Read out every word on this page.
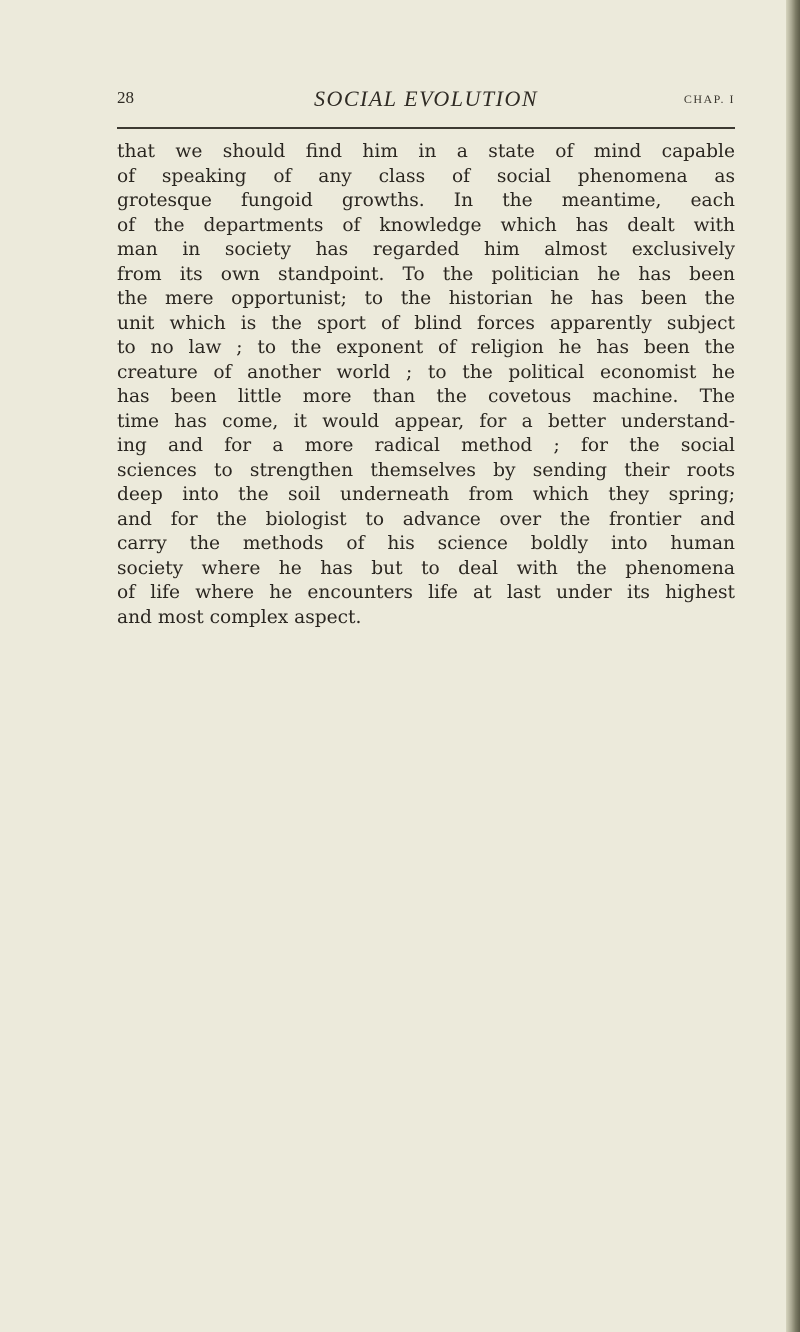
28	SOCIAL EVOLUTION	CHAP. I
that we should find him in a state of mind capable
of speaking of any class of social phenomena as
grotesque fungoid growths. In the meantime, each
of the departments of knowledge which has dealt with
man in society has regarded him almost exclusively
from its own standpoint. To the politician he has been
the mere opportunist; to the historian he has been the
unit which is the sport of blind forces apparently subject
to no law ; to the exponent of religion he has been the
creature of another world ; to the political economist he
has been little more than the covetous machine. The
time has come, it would appear, for a better understand-
ing and for a more radical method ; for the social
sciences to strengthen themselves by sending their roots
deep into the soil underneath from which they spring;
and for the biologist to advance over the frontier and
carry the methods of his science boldly into human
society where he has but to deal with the phenomena
of life where he encounters life at last under its highest
and most complex aspect.
